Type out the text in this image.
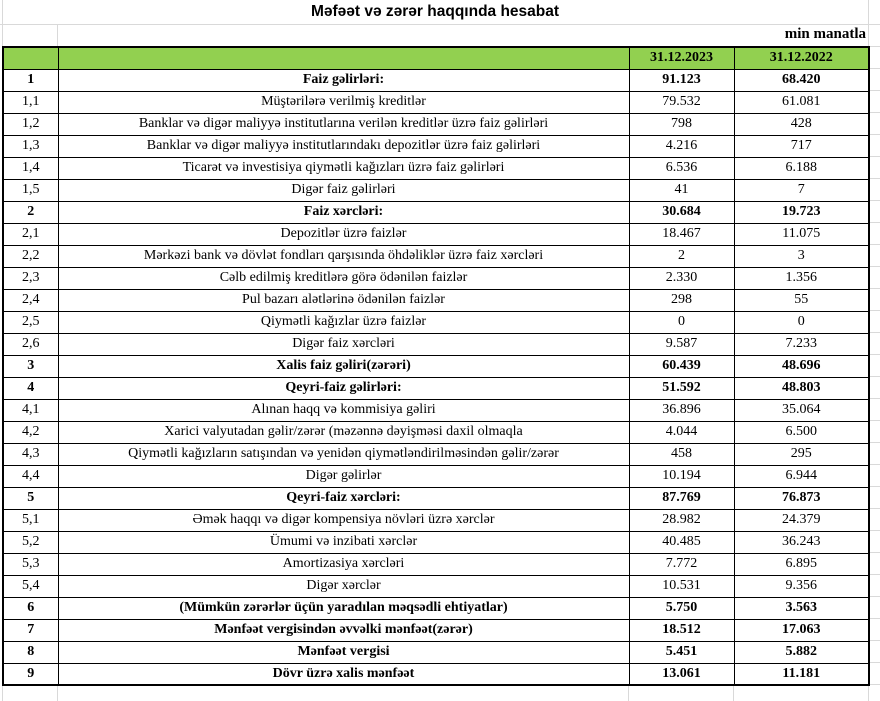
Məfəət və zərər haqqında hesabat
min manatla
		31.12.2023	31.12.2022
1	Faiz gəlirləri:	91.123	68.420
1,1	Müştərilərə verilmiş kreditlər	79.532	61.081
1,2	Banklar və digər maliyyə institutlarına verilən kreditlər üzrə faiz gəlirləri	798	428
1,3	Banklar və digər maliyyə institutlarındakı depozitlər üzrə faiz gəlirləri	4.216	717
1,4	Ticarət və investisiya qiymətli kağızları üzrə faiz gəlirləri	6.536	6.188
1,5	Digər faiz gəlirləri	41	7
2	Faiz xərcləri:	30.684	19.723
2,1	Depozitlər üzrə faizlər	18.467	11.075
2,2	Mərkəzi bank və dövlət fondları qarşısında öhdəliklər üzrə faiz xərcləri	2	3
2,3	Cəlb edilmiş kreditlərə görə ödənilən faizlər	2.330	1.356
2,4	Pul bazarı alətlərinə ödənilən faizlər	298	55
2,5	Qiymətli kağızlar üzrə faizlər	0	0
2,6	Digər faiz xərcləri	9.587	7.233
3	Xalis faiz gəliri(zərəri)	60.439	48.696
4	Qeyri-faiz gəlirləri:	51.592	48.803
4,1	Alınan haqq və kommisiya gəliri	36.896	35.064
4,2	Xarici valyutadan gəlir/zərər (məzənnə dəyişməsi daxil olmaqla	4.044	6.500
4,3	Qiymətli kağızların satışından və yenidən qiymətləndirilməsindən gəlir/zərər	458	295
4,4	Digər gəlirlər	10.194	6.944
5	Qeyri-faiz xərcləri:	87.769	76.873
5,1	Əmək haqqı və digər kompensiya növləri üzrə xərclər	28.982	24.379
5,2	Ümumi və inzibati xərclər	40.485	36.243
5,3	Amortizasiya xərcləri	7.772	6.895
5,4	Digər xərclər	10.531	9.356
6	(Mümkün zərərlər üçün yaradılan məqsədli ehtiyatlar)	5.750	3.563
7	Mənfəət vergisindən əvvəlki mənfəət(zərər)	18.512	17.063
8	Mənfəət vergisi	5.451	5.882
9	Dövr üzrə xalis mənfəət	13.061	11.181
